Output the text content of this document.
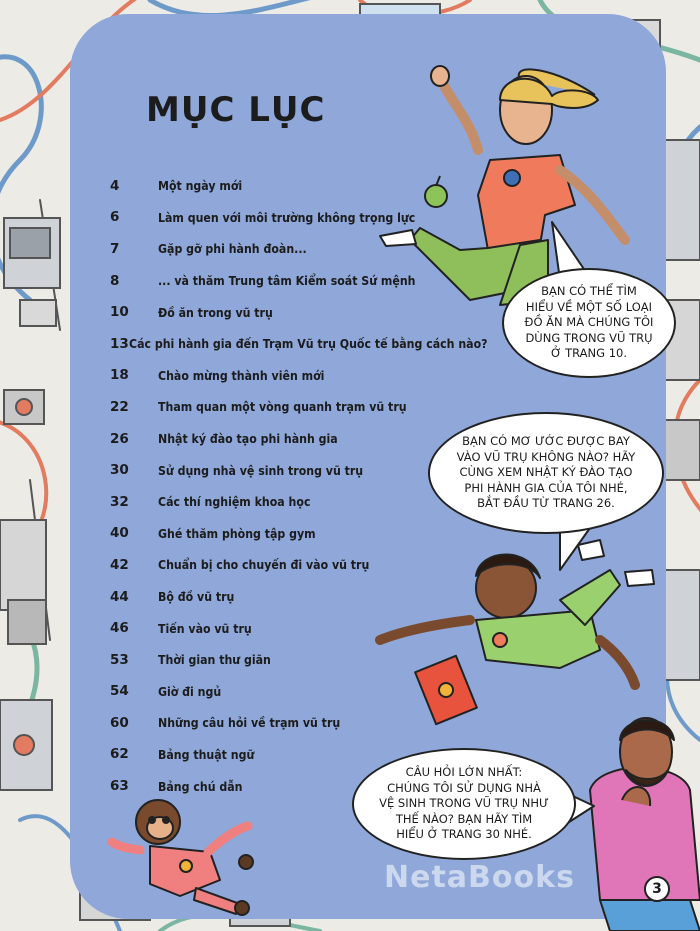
MỤC LỤC
4	Một ngày mới
6	Làm quen với môi trường không trọng lực
7	Gặp gỡ phi hành đoàn...
8	... và thăm Trung tâm Kiểm soát Sứ mệnh
10	Đồ ăn trong vũ trụ
13 Các phi hành gia đến Trạm Vũ trụ Quốc tế bằng cách nào?
18	Chào mừng thành viên mới
22	Tham quan một vòng quanh trạm vũ trụ
26	Nhật ký đào tạo phi hành gia
30	Sử dụng nhà vệ sinh trong vũ trụ
32	Các thí nghiệm khoa học
40	Ghé thăm phòng tập gym
42	Chuẩn bị cho chuyến đi vào vũ trụ
44	Bộ đồ vũ trụ
46	Tiến vào vũ trụ
53	Thời gian thư giãn
54	Giờ đi ngủ
60	Những câu hỏi về trạm vũ trụ
62	Bảng thuật ngữ
63	Bảng chú dẫn
BẠN CÓ THỂ TÌM
HIỂU VỀ MỘT SỐ LOẠI
ĐỒ ĂN MÀ CHÚNG TÔI
DÙNG TRONG VŨ TRỤ
Ở TRANG 10.
BẠN CÓ MƠ ƯỚC ĐƯỢC BAY
VÀO VŨ TRỤ KHÔNG NÀO? HÃY
CÙNG XEM NHẬT KÝ ĐÀO TẠO
PHI HÀNH GIA CỦA TÔI NHÉ,
BẮT ĐẦU TỪ TRANG 26.
CÂU HỎI LỚN NHẤT:
CHÚNG TÔI SỬ DỤNG NHÀ
VỆ SINH TRONG VŨ TRỤ NHƯ
THẾ NÀO? BẠN HÃY TÌM
HIỂU Ở TRANG 30 NHÉ.
NetaBooks	3
